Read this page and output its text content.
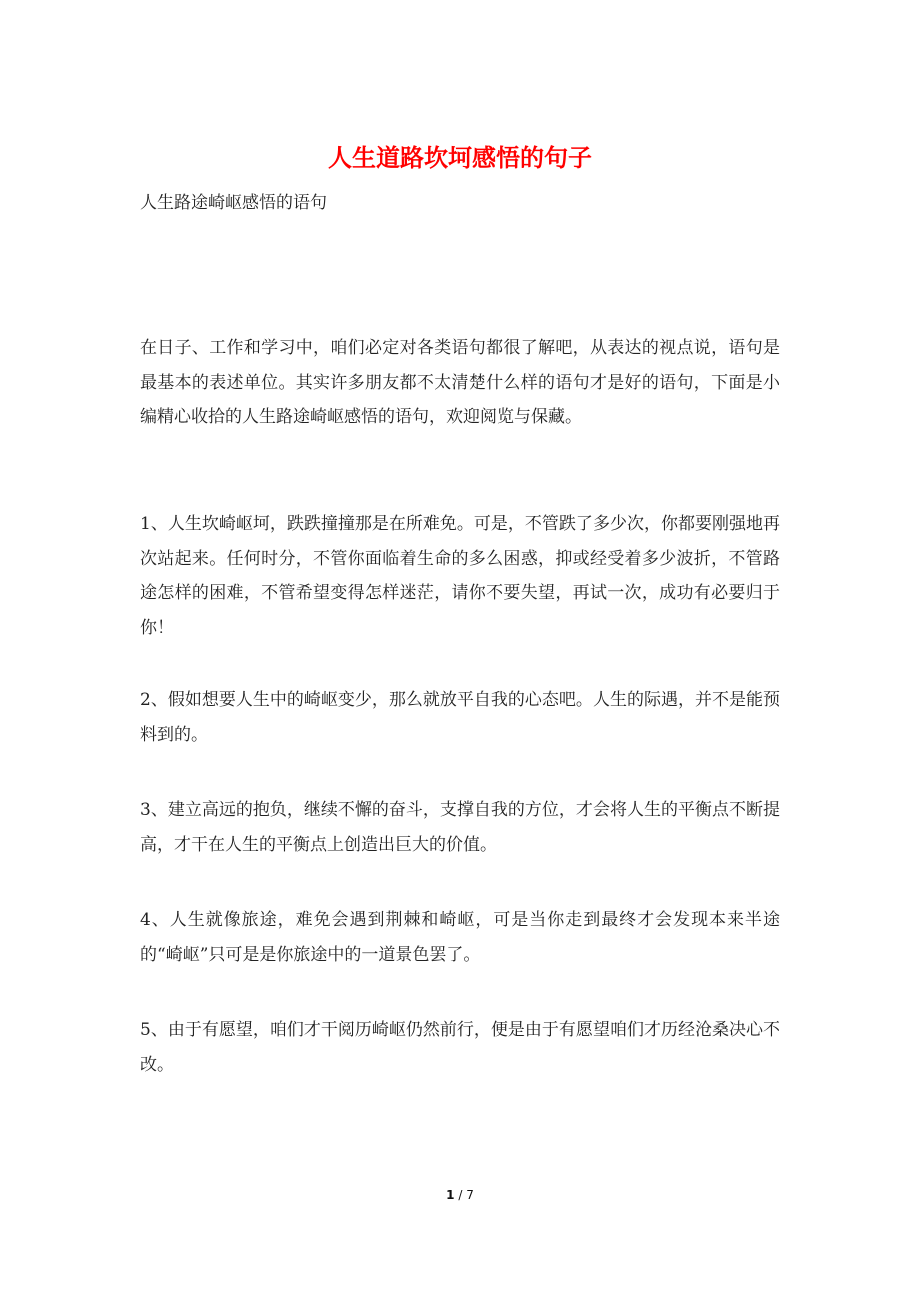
人生道路坎坷感悟的句子
人生路途崎岖感悟的语句
在日子、工作和学习中，咱们必定对各类语句都很了解吧，从表达的视点说，语句是最基本的表述单位。其实许多朋友都不太清楚什么样的语句才是好的语句，下面是小编精心收拾的人生路途崎岖感悟的语句，欢迎阅览与保藏。
1、人生坎崎岖坷，跌跌撞撞那是在所难免。可是，不管跌了多少次，你都要刚强地再次站起来。任何时分，不管你面临着生命的多么困惑，抑或经受着多少波折，不管路途怎样的困难，不管希望变得怎样迷茫，请你不要失望，再试一次，成功有必要归于你！
2、假如想要人生中的崎岖变少，那么就放平自我的心态吧。人生的际遇，并不是能预料到的。
3、建立高远的抱负，继续不懈的奋斗，支撑自我的方位，才会将人生的平衡点不断提高，才干在人生的平衡点上创造出巨大的价值。
4、人生就像旅途，难免会遇到荆棘和崎岖，可是当你走到最终才会发现本来半途的“崎岖”只可是是你旅途中的一道景色罢了。
5、由于有愿望，咱们才干阅历崎岖仍然前行，便是由于有愿望咱们才历经沧桑决心不改。
1 / 7
